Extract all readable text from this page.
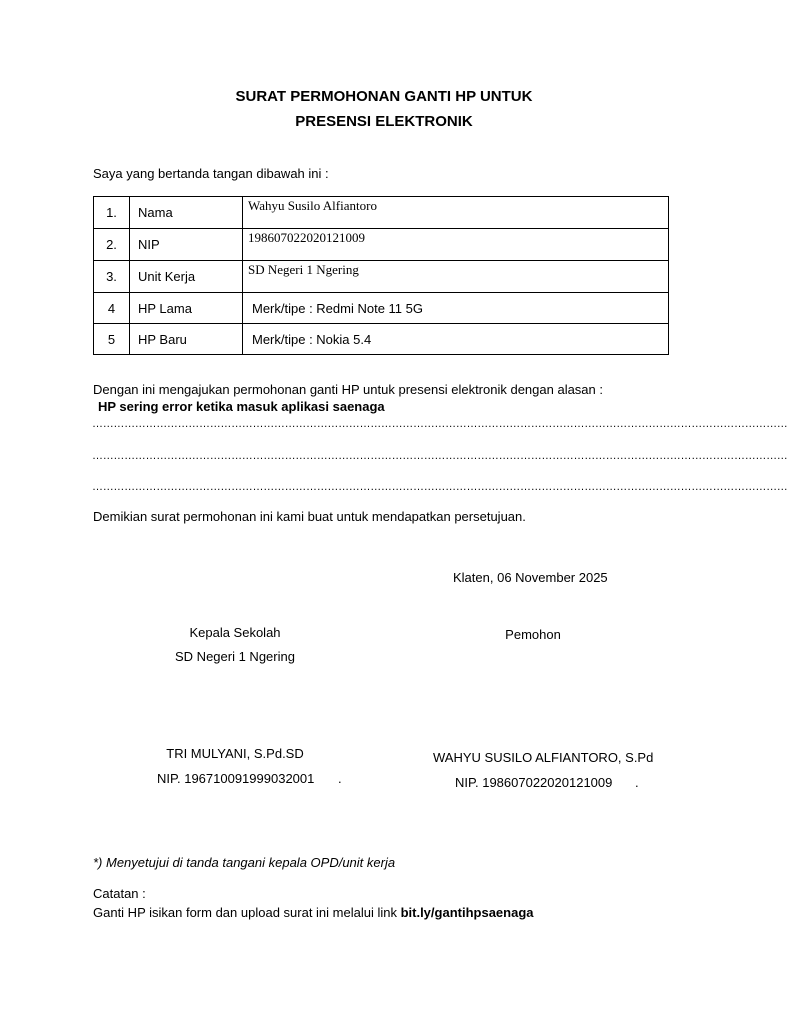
SURAT PERMOHONAN GANTI HP UNTUK
PRESENSI ELEKTRONIK
Saya yang bertanda tangan dibawah ini :
1.	Nama	Wahyu Susilo Alfiantoro
2.	NIP	198607022020121009
3.	Unit Kerja	SD Negeri 1 Ngering
4	HP Lama	Merk/tipe : Redmi Note 11 5G
5	HP Baru	Merk/tipe : Nokia 5.4
Dengan ini mengajukan permohonan ganti HP untuk presensi elektronik dengan alasan :
HP sering error ketika masuk aplikasi saenaga
……………………………………………………………………………………………………………………………………………………………………………
……………………………………………………………………………………………………………………………………………………………………………
……………………………………………………………………………………………………………………………………………………………………………
Demikian surat permohonan ini kami buat untuk mendapatkan persetujuan.
Klaten, 06 November 2025
Kepala Sekolah
SD Negeri 1 Ngering
TRI MULYANI, S.Pd.SD
NIP. 196710091999032001 .
Pemohon
WAHYU SUSILO ALFIANTORO, S.Pd
NIP. 198607022020121009 .
*) Menyetujui di tanda tangani kepala OPD/unit kerja
Catatan :
Ganti HP isikan form dan upload surat ini melalui link bit.ly/gantihpsaenaga
